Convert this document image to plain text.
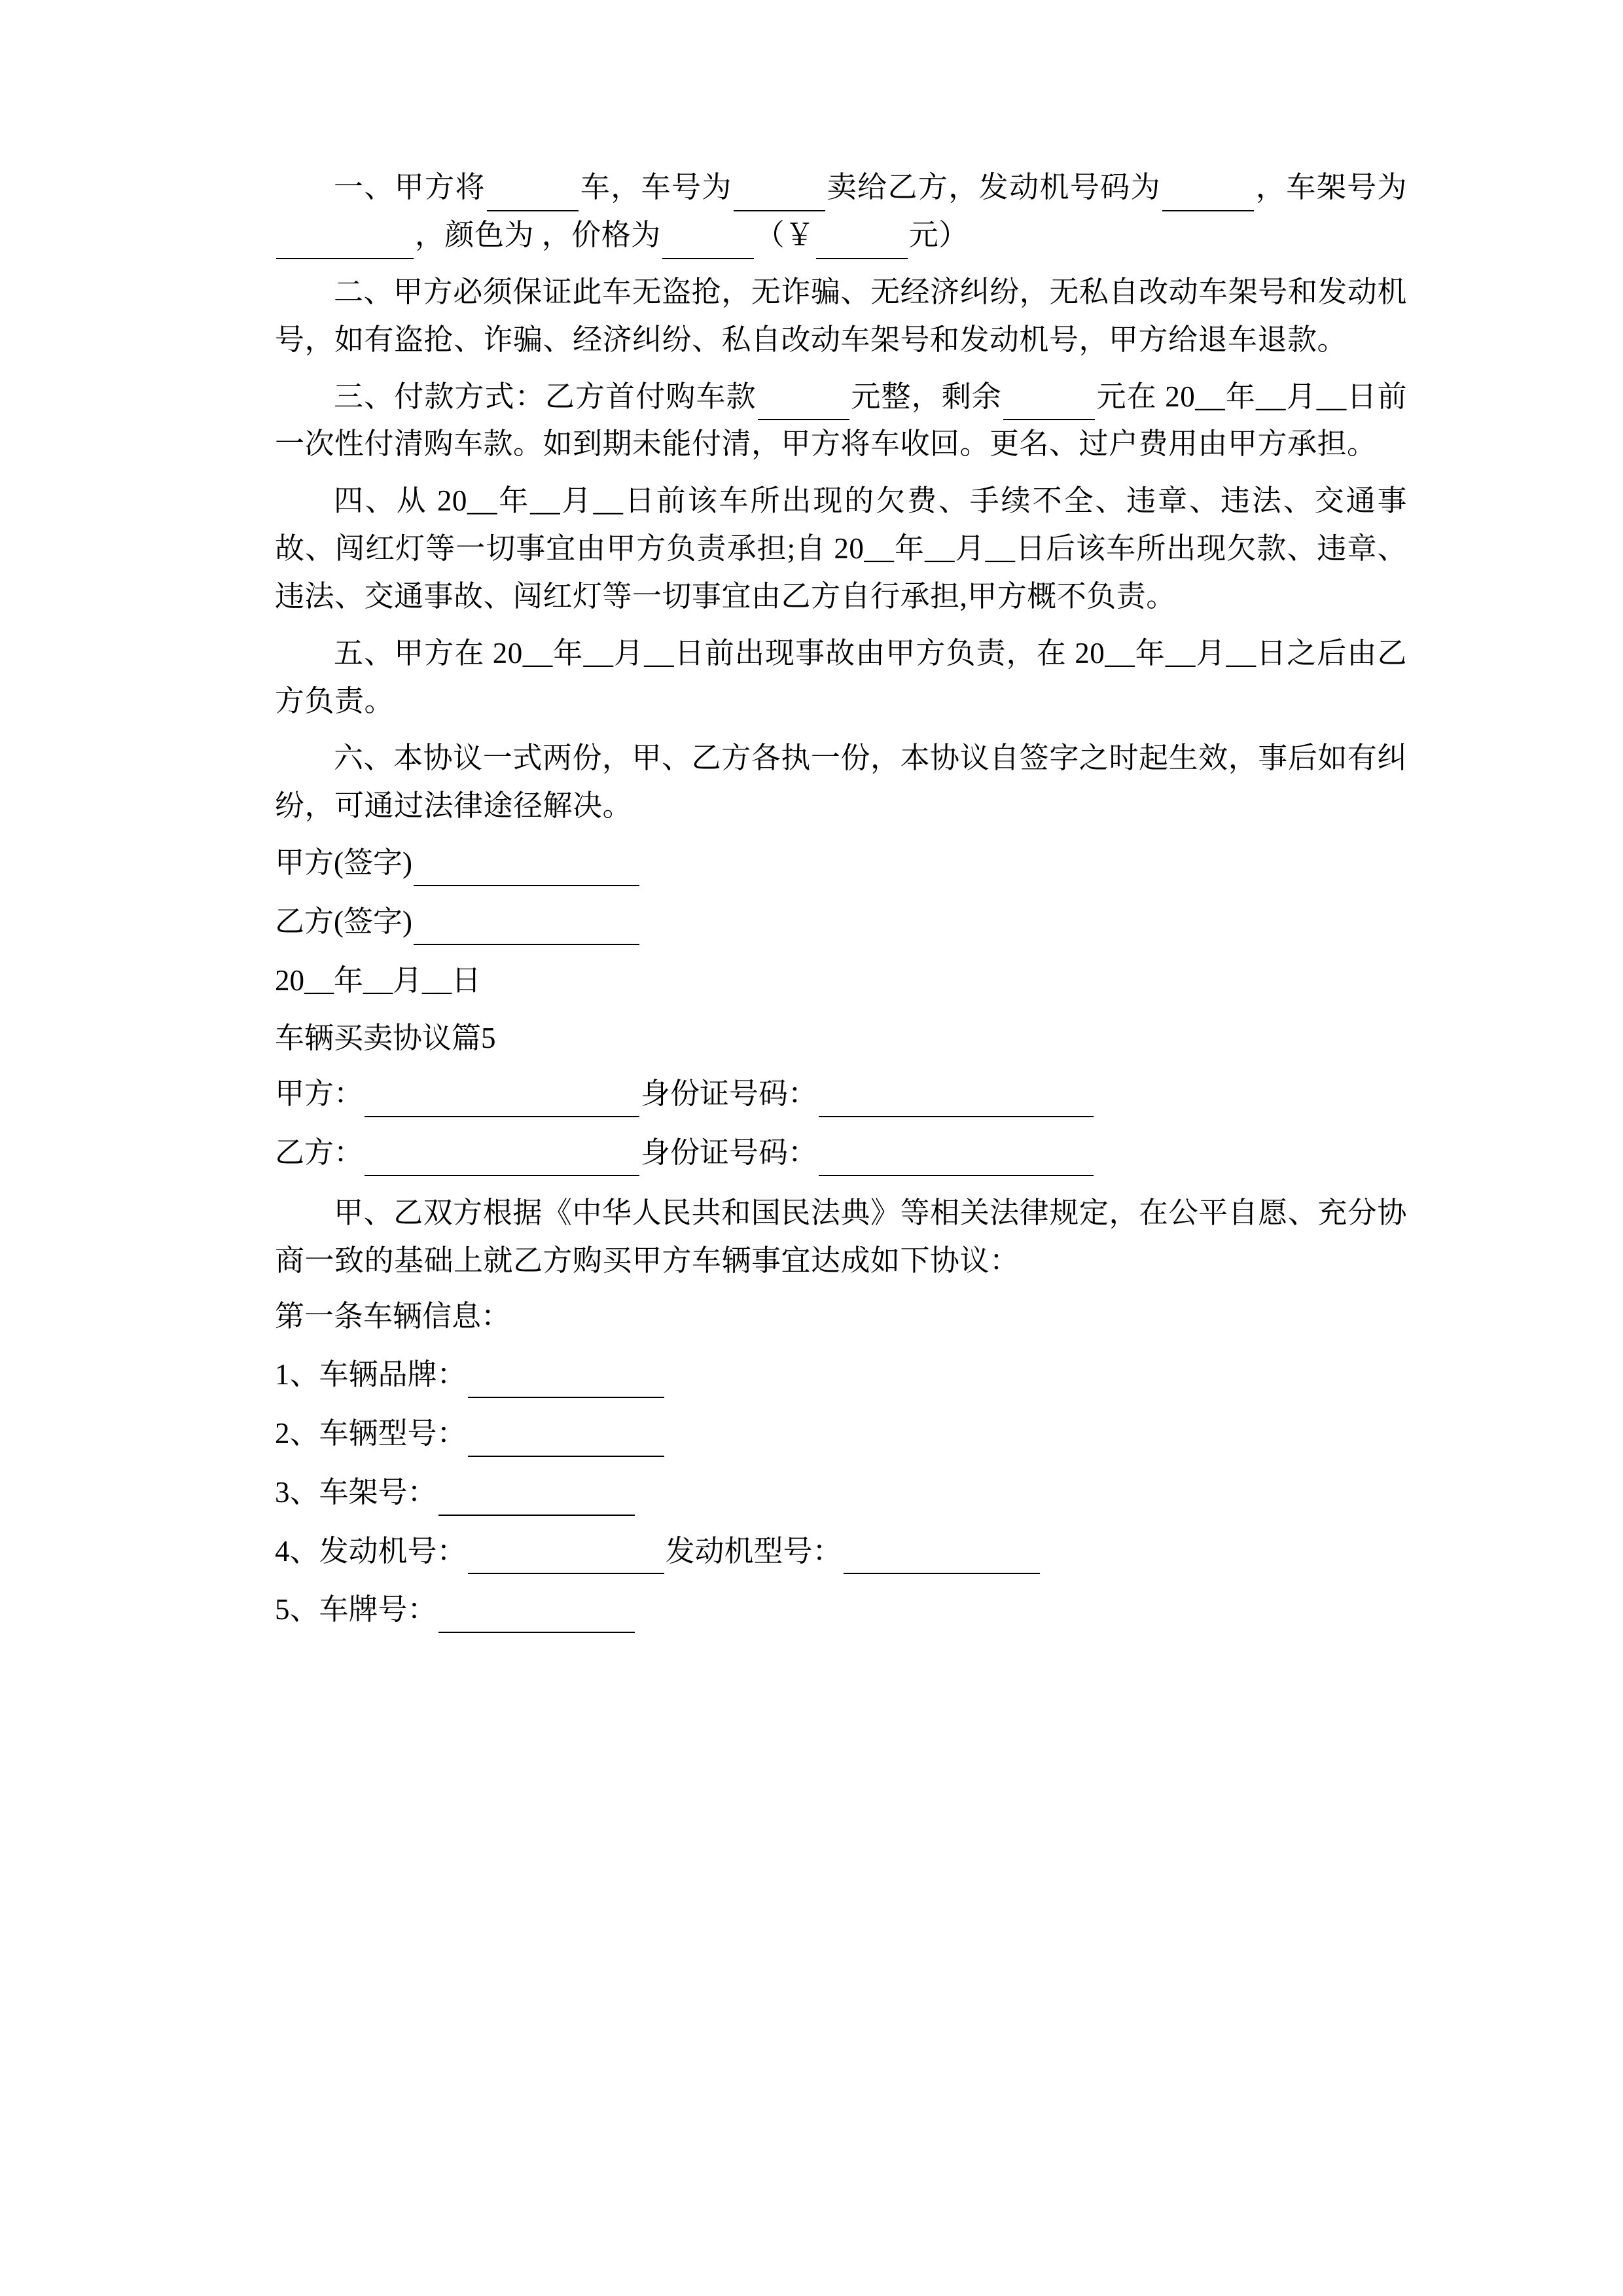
一、甲方将	车，车号为	卖给乙方，发动机号码为	，车架号为，颜色为 ，价格为	（￥	元）

二、甲方必须保证此车无盗抢，无诈骗、无经济纠纷，无私自改动车架号和发动机号，如有盗抢、诈骗、经济纠纷、私自改动车架号和发动机号，甲方给退车退款。

三、付款方式：乙方首付购车款	元整，剩余	元在 20__年__月__日前一次性付清购车款。如到期未能付清，甲方将车收回。更名、过户费用由甲方承担。

四、从 20__年__月__日前该车所出现的欠费、手续不全、违章、违法、交通事故、闯红灯等一切事宜由甲方负责承担;自 20__年__月__日后该车所出现欠款、违章、违法、交通事故、闯红灯等一切事宜由乙方自行承担,甲方概不负责。

五、甲方在 20__年__月__日前出现事故由甲方负责，在 20__年__月__日之后由乙方负责。

六、本协议一式两份，甲、乙方各执一份，本协议自签字之时起生效，事后如有纠纷，可通过法律途径解决。

甲方(签字)

乙方(签字)

20__年__月__日

车辆买卖协议篇5

甲方：	身份证号码：

乙方：	身份证号码：

甲、乙双方根据《中华人民共和国民法典》等相关法律规定，在公平自愿、充分协商一致的基础上就乙方购买甲方车辆事宜达成如下协议：

第一条车辆信息：

1、车辆品牌：

2、车辆型号：

3、车架号：

4、发动机号：	发动机型号：

5、车牌号：
